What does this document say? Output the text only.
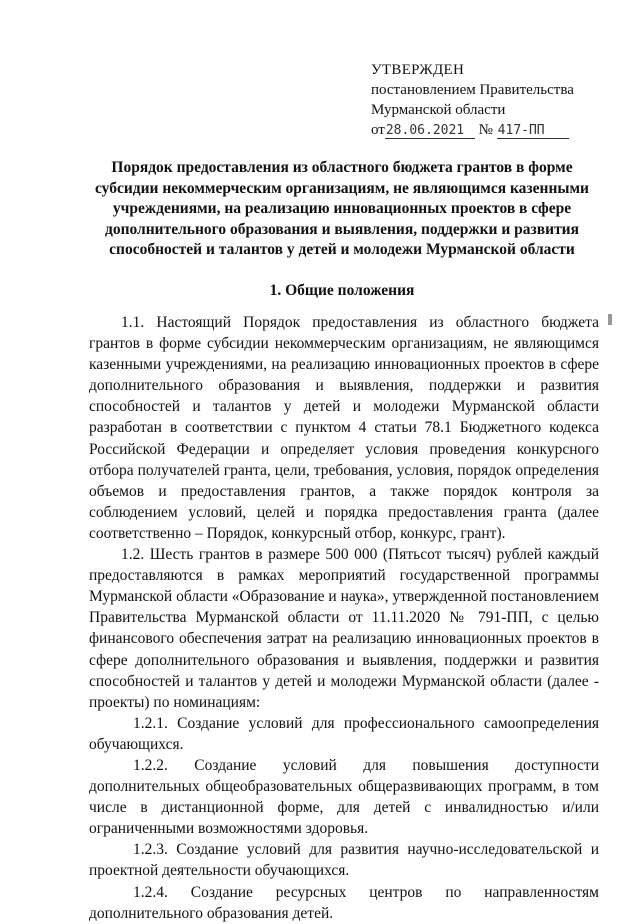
УТВЕРЖДЕН
постановлением Правительства
Мурманской области
от28.06.2021 № 417-ПП
Порядок предоставления из областного бюджета грантов в форме субсидии некоммерческим организациям, не являющимся казенными учреждениями, на реализацию инновационных проектов в сфере дополнительного образования и выявления, поддержки и развития способностей и талантов у детей и молодежи Мурманской области
1. Общие положения

1.1. Настоящий Порядок предоставления из областного бюджета грантов в форме субсидии некоммерческим организациям, не являющимся казенными учреждениями, на реализацию инновационных проектов в сфере дополнительного образования и выявления, поддержки и развития способностей и талантов у детей и молодежи Мурманской области разработан в соответствии с пунктом 4 статьи 78.1 Бюджетного кодекса Российской Федерации и определяет условия проведения конкурсного отбора получателей гранта, цели, требования, условия, порядок определения объемов и предоставления грантов, а также порядок контроля за соблюдением условий, целей и порядка предоставления гранта (далее соответственно – Порядок, конкурсный отбор, конкурс, грант).

1.2. Шесть грантов в размере 500 000 (Пятьсот тысяч) рублей каждый предоставляются в рамках мероприятий государственной программы Мурманской области «Образование и наука», утвержденной постановлением Правительства Мурманской области от 11.11.2020 № 791-ПП, с целью финансового обеспечения затрат на реализацию инновационных проектов в сфере дополнительного образования и выявления, поддержки и развития способностей и талантов у детей и молодежи Мурманской области (далее - проекты) по номинациям:

1.2.1. Создание условий для профессионального самоопределения обучающихся.

1.2.2. Создание условий для повышения доступности дополнительных общеобразовательных общеразвивающих программ, в том числе в дистанционной форме, для детей с инвалидностью и/или ограниченными возможностями здоровья.

1.2.3. Создание условий для развития научно-исследовательской и проектной деятельности обучающихся.

1.2.4. Создание ресурсных центров по направленностям дополнительного образования детей.
